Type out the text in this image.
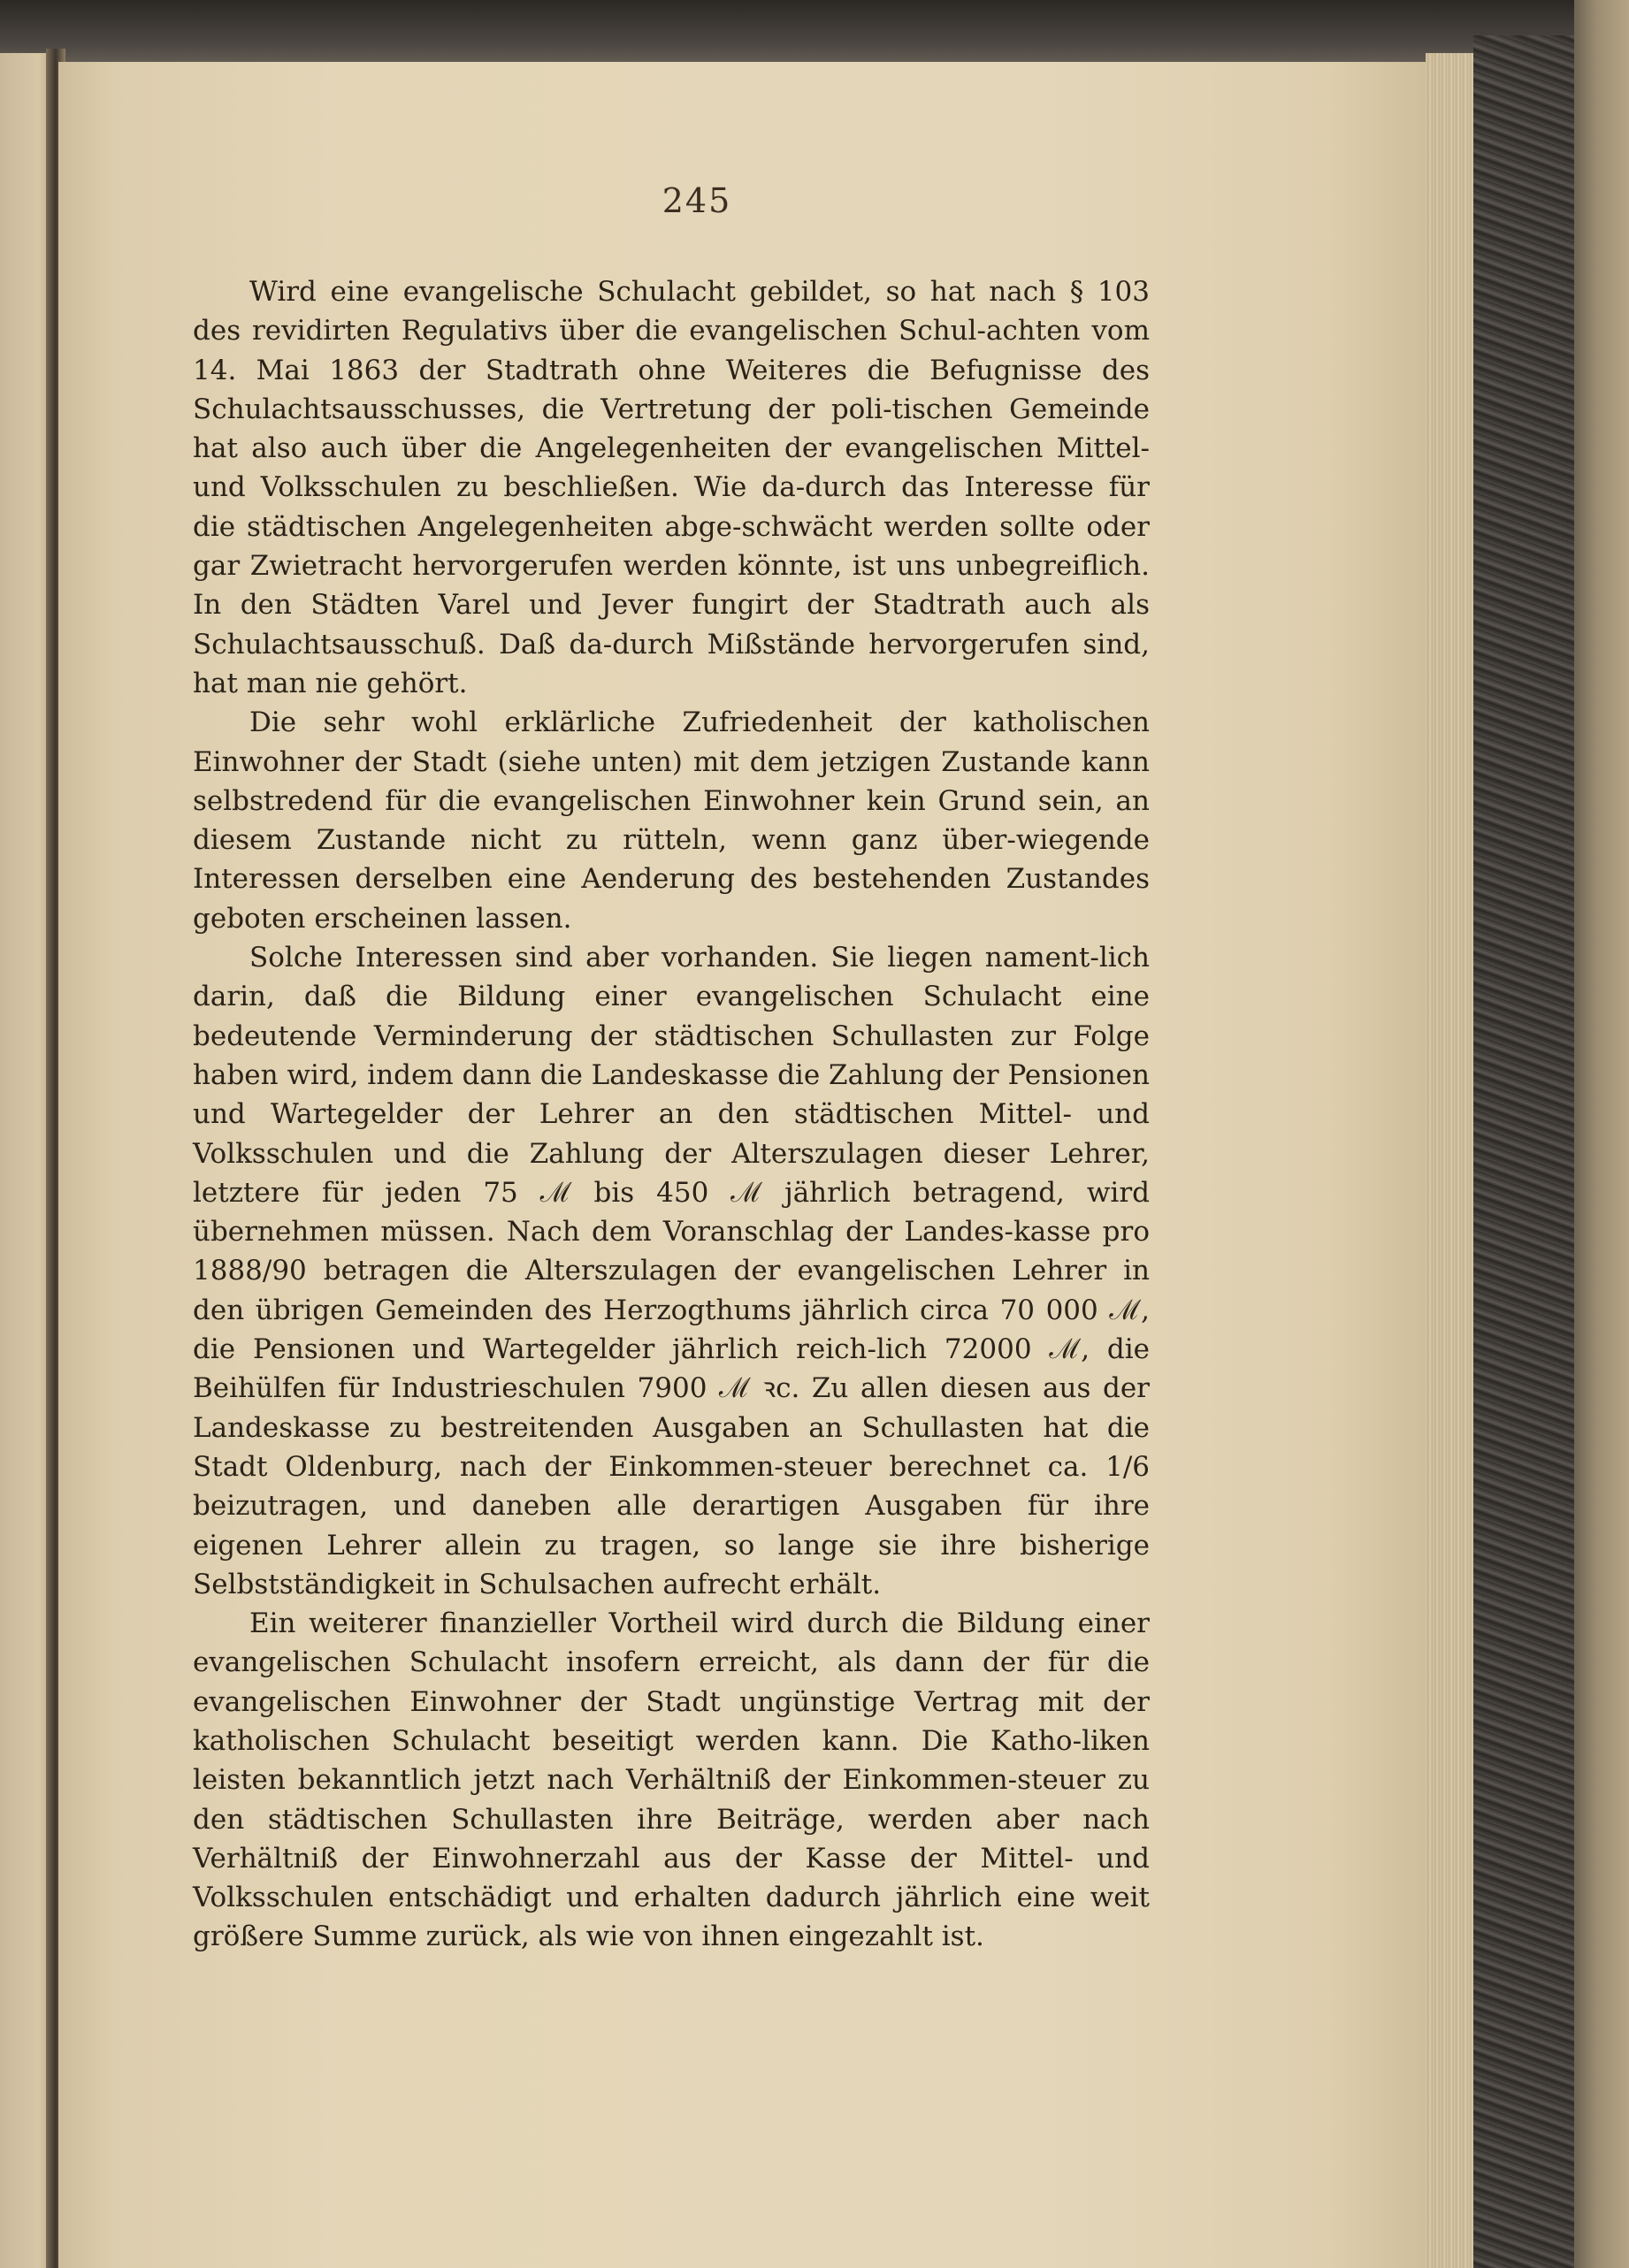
245

Wird eine evangelische Schulacht gebildet, so hat nach § 103 des revidirten Regulativs über die evangelischen Schul-achten vom 14. Mai 1863 der Stadtrath ohne Weiteres die Befugnisse des Schulachtsausschusses, die Vertretung der poli-tischen Gemeinde hat also auch über die Angelegenheiten der evangelischen Mittel- und Volksschulen zu beschließen. Wie da-durch das Interesse für die städtischen Angelegenheiten abge-schwächt werden sollte oder gar Zwietracht hervorgerufen werden könnte, ist uns unbegreiflich. In den Städten Varel und Jever fungirt der Stadtrath auch als Schulachtsausschuß. Daß da-durch Mißstände hervorgerufen sind, hat man nie gehört.

Die sehr wohl erklärliche Zufriedenheit der katholischen Einwohner der Stadt (siehe unten) mit dem jetzigen Zustande kann selbstredend für die evangelischen Einwohner kein Grund sein, an diesem Zustande nicht zu rütteln, wenn ganz über-wiegende Interessen derselben eine Aenderung des bestehenden Zustandes geboten erscheinen lassen.

Solche Interessen sind aber vorhanden. Sie liegen nament-lich darin, daß die Bildung einer evangelischen Schulacht eine bedeutende Verminderung der städtischen Schullasten zur Folge haben wird, indem dann die Landeskasse die Zahlung der Pensionen und Wartegelder der Lehrer an den städtischen Mittel- und Volksschulen und die Zahlung der Alterszulagen dieser Lehrer, letztere für jeden 75 ℳ bis 450 ℳ jährlich betragend, wird übernehmen müssen. Nach dem Voranschlag der Landes-kasse pro 1888/90 betragen die Alterszulagen der evangelischen Lehrer in den übrigen Gemeinden des Herzogthums jährlich circa 70 000 ℳ, die Pensionen und Wartegelder jährlich reich-lich 72000 ℳ, die Beihülfen für Industrieschulen 7900 ℳ ꝛc. Zu allen diesen aus der Landeskasse zu bestreitenden Ausgaben an Schullasten hat die Stadt Oldenburg, nach der Einkommen-steuer berechnet ca. 1/6 beizutragen, und daneben alle derartigen Ausgaben für ihre eigenen Lehrer allein zu tragen, so lange sie ihre bisherige Selbstständigkeit in Schulsachen aufrecht erhält.

Ein weiterer finanzieller Vortheil wird durch die Bildung einer evangelischen Schulacht insofern erreicht, als dann der für die evangelischen Einwohner der Stadt ungünstige Vertrag mit der katholischen Schulacht beseitigt werden kann. Die Katho-liken leisten bekanntlich jetzt nach Verhältniß der Einkommen-steuer zu den städtischen Schullasten ihre Beiträge, werden aber nach Verhältniß der Einwohnerzahl aus der Kasse der Mittel- und Volksschulen entschädigt und erhalten dadurch jährlich eine weit größere Summe zurück, als wie von ihnen eingezahlt ist.
